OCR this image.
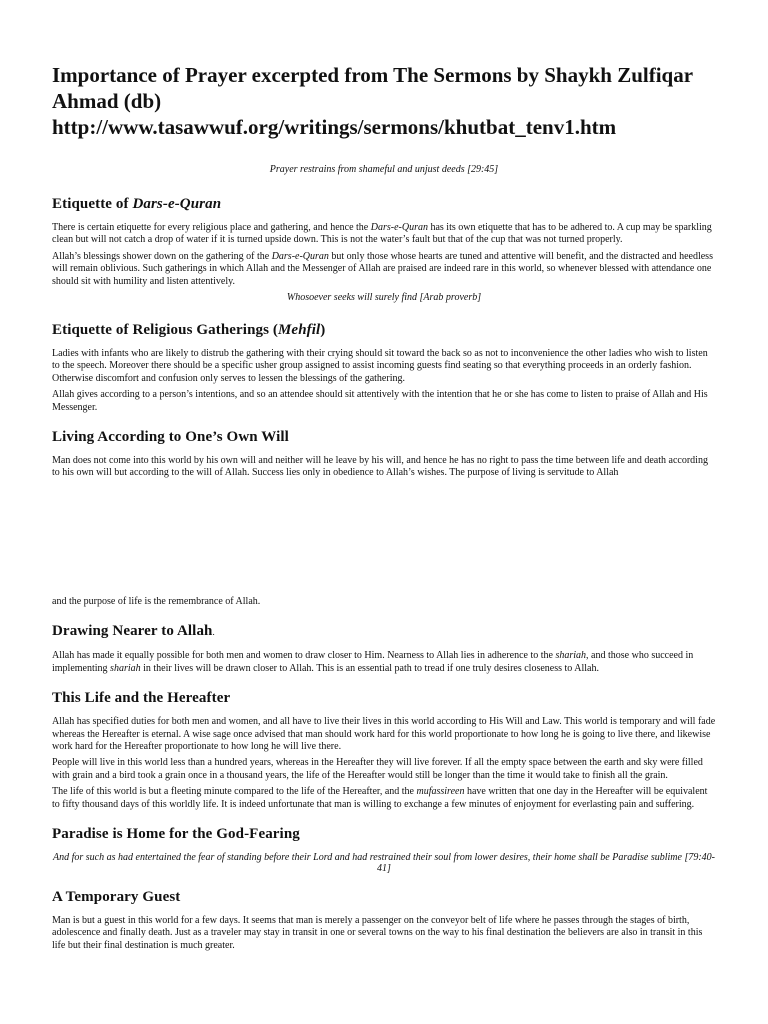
Importance of Prayer excerpted from The Sermons by Shaykh Zulfiqar
Ahmad (db)
http://www.tasawwuf.org/writings/sermons/khutbat_tenv1.htm
Prayer restrains from shameful and unjust deeds [29:45]
Etiquette of Dars-e-Quran

There is certain etiquette for every religious place and gathering, and hence the Dars-e-Quran has its own etiquette that has to be adhered to. A cup may be sparkling clean but will not catch a drop of water if it is turned upside down. This is not the water’s fault but that of the cup that was not turned properly.

Allah’s blessings shower down on the gathering of the Dars-e-Quran but only those whose hearts are tuned and attentive will benefit, and the distracted and heedless will remain oblivious. Such gatherings in which Allah and the Messenger of Allah are praised are indeed rare in this world, so whenever blessed with attendance one should sit with humility and listen attentively.

Whosoever seeks will surely find [Arab proverb]
Etiquette of Religious Gatherings (Mehfil)

Ladies with infants who are likely to distrub the gathering with their crying should sit toward the back so as not to inconvenience the other ladies who wish to listen to the speech. Moreover there should be a specific usher group assigned to assist incoming guests find seating so that everything proceeds in an orderly fashion. Otherwise discomfort and confusion only serves to lessen the blessings of the gathering.

Allah gives according to a person’s intentions, and so an attendee should sit attentively with the intention that he or she has come to listen to praise of Allah and His Messenger.

Living According to One’s Own Will

Man does not come into this world by his own will and neither will he leave by his will, and hence he has no right to pass the time between life and death according to his own will but according to the will of Allah. Success lies only in obedience to Allah’s wishes. The purpose of living is servitude to Allah

and the purpose of life is the remembrance of Allah.

Drawing Nearer to Allah.

Allah has made it equally possible for both men and women to draw closer to Him. Nearness to Allah lies in adherence to the shariah, and those who succeed in implementing shariah in their lives will be drawn closer to Allah. This is an essential path to tread if one truly desires closeness to Allah.

This Life and the Hereafter

Allah has specified duties for both men and women, and all have to live their lives in this world according to His Will and Law. This world is temporary and will fade whereas the Hereafter is eternal. A wise sage once advised that man should work hard for this world proportionate to how long he is going to live there, and likewise work hard for the Hereafter proportionate to how long he will live there.

People will live in this world less than a hundred years, whereas in the Hereafter they will live forever. If all the empty space between the earth and sky were filled with grain and a bird took a grain once in a thousand years, the life of the Hereafter would still be longer than the time it would take to finish all the grain.

The life of this world is but a fleeting minute compared to the life of the Hereafter, and the mufassireen have written that one day in the Hereafter will be equivalent to fifty thousand days of this worldly life. It is indeed unfortunate that man is willing to exchange a few minutes of enjoyment for everlasting pain and suffering.

Paradise is Home for the God-Fearing
And for such as had entertained the fear of standing before their Lord and had restrained their soul from lower desires, their home shall be Paradise sublime [79:40-41]
A Temporary Guest

Man is but a guest in this world for a few days. It seems that man is merely a passenger on the conveyor belt of life where he passes through the stages of birth, adolescence and finally death. Just as a traveler may stay in transit in one or several towns on the way to his final destination the believers are also in transit in this life but their final destination is much greater.
